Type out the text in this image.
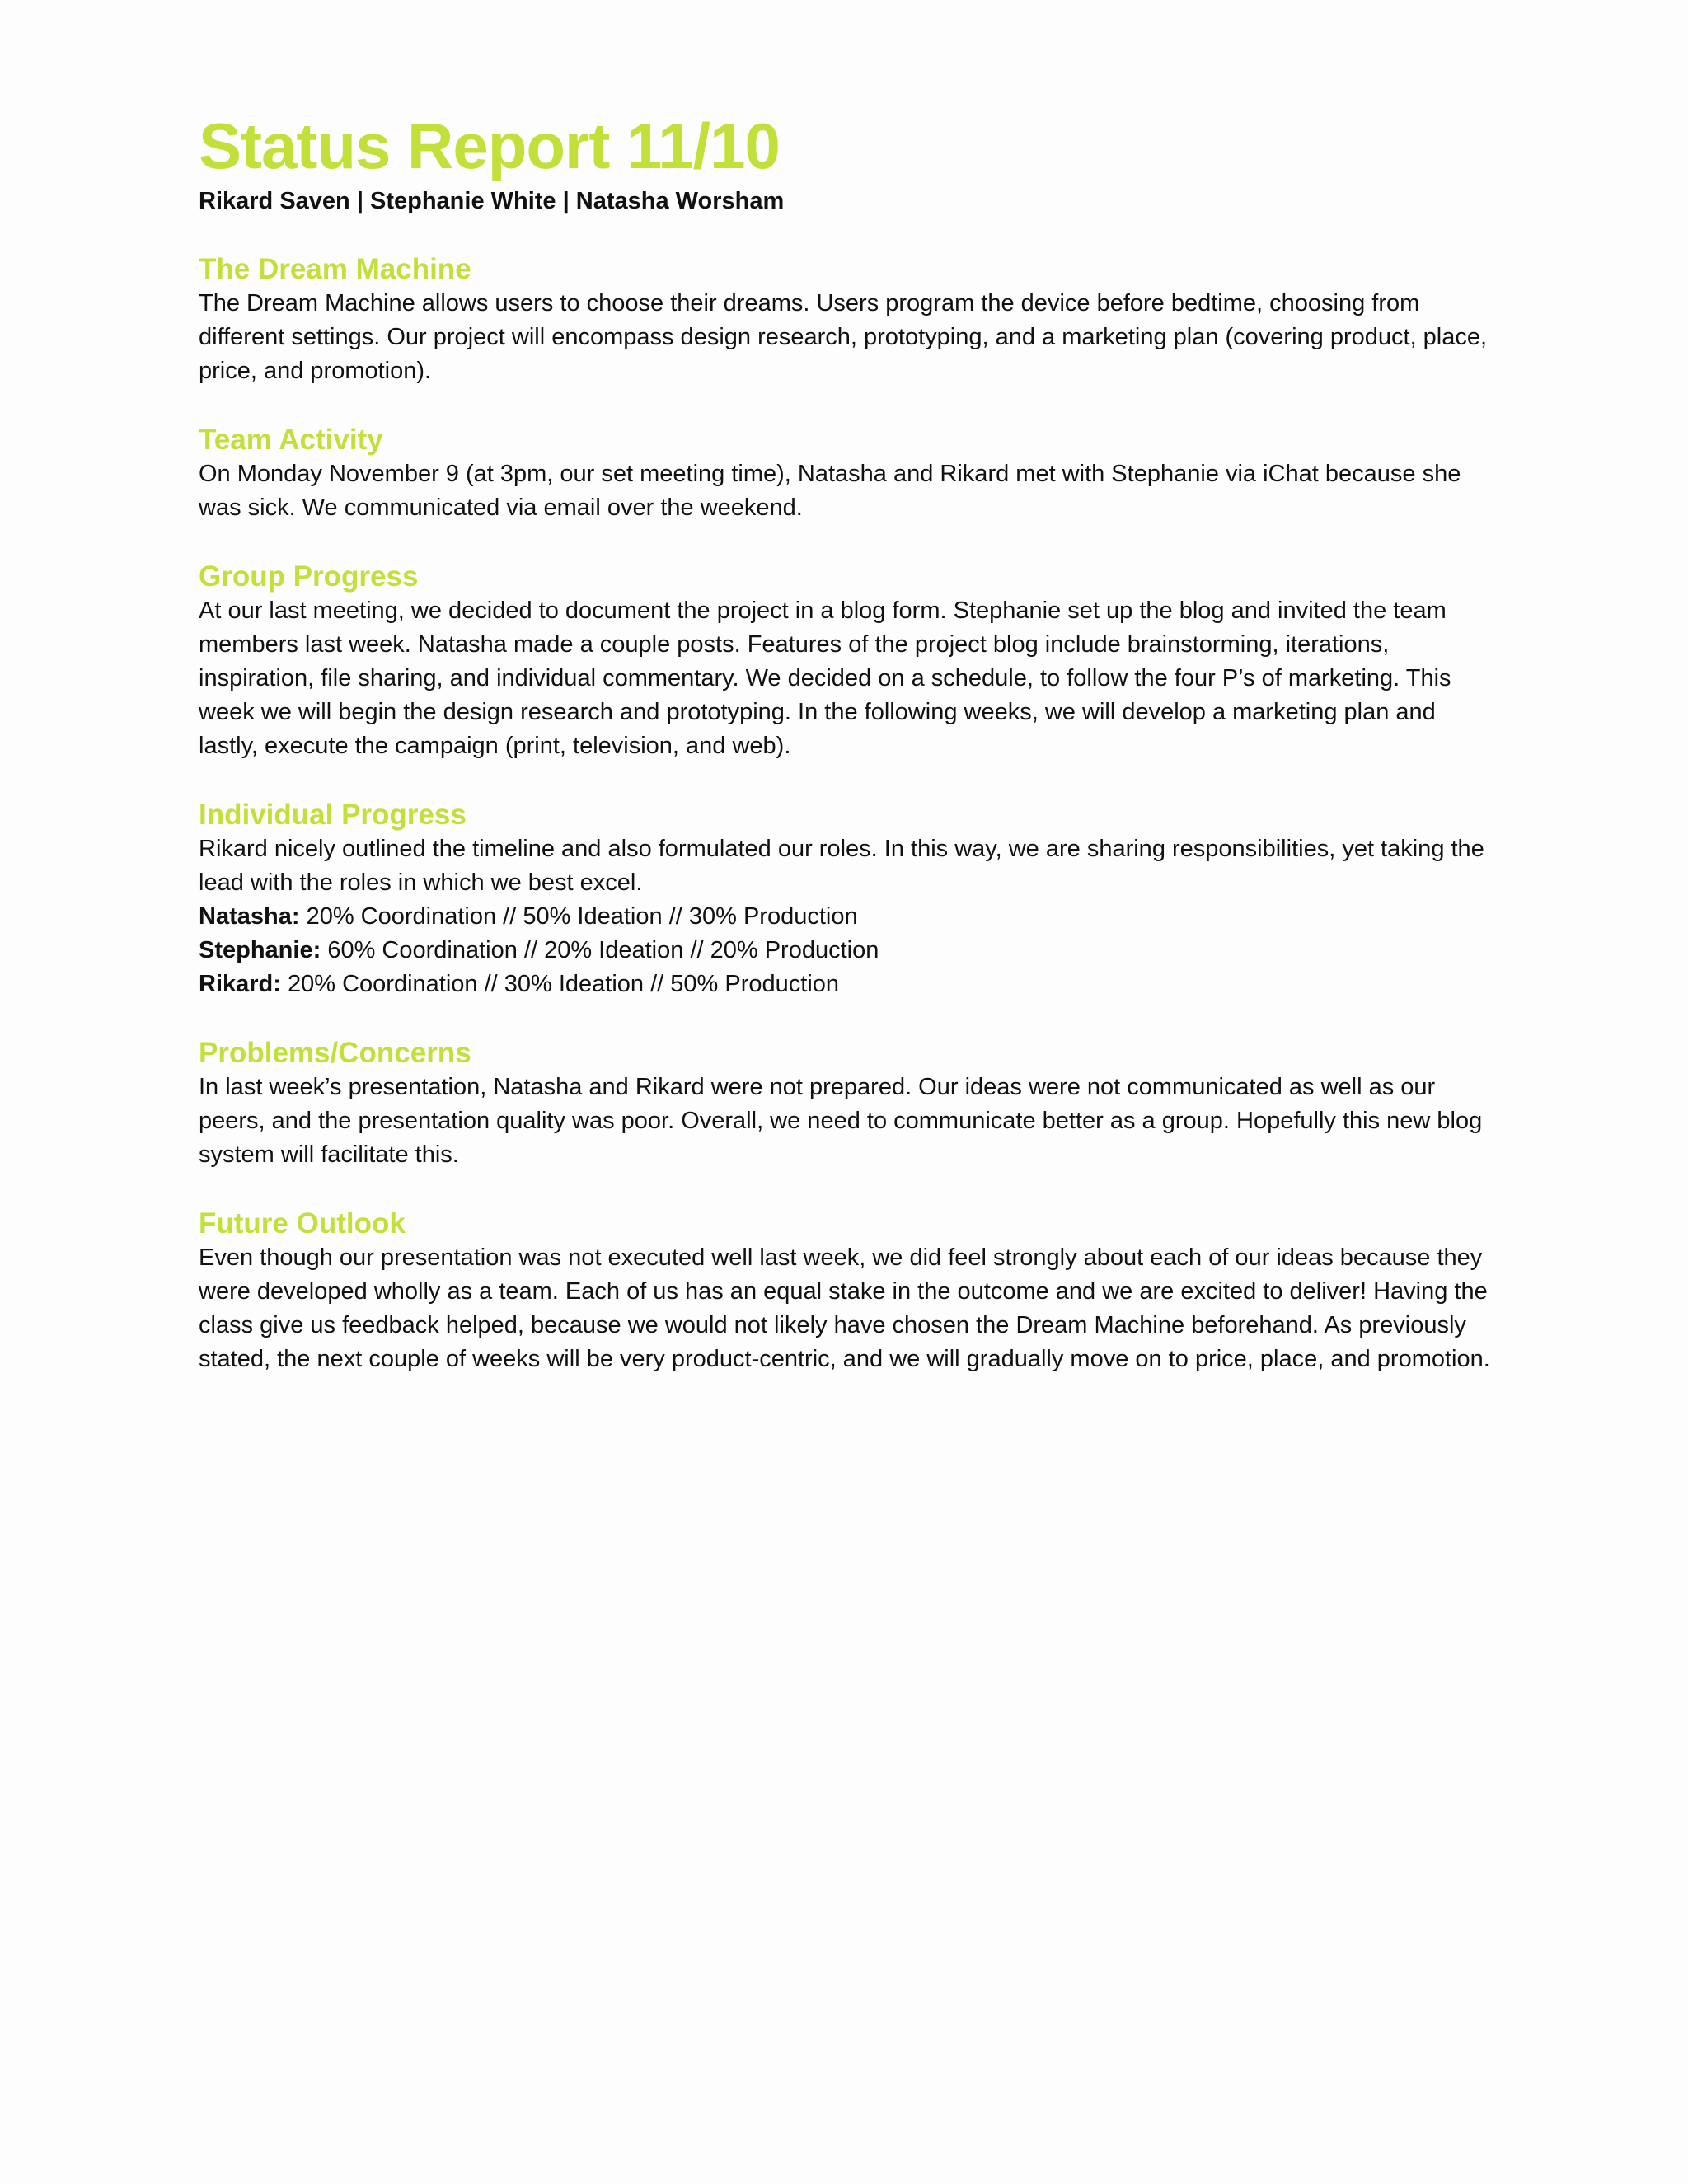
Status Report 11/10

Rikard Saven | Stephanie White | Natasha Worsham

The Dream Machine

The Dream Machine allows users to choose their dreams. Users program the device before bedtime, choosing from different settings. Our project will encompass design research, prototyping, and a marketing plan (covering product, place, price, and promotion).

Team Activity

On Monday November 9 (at 3pm, our set meeting time), Natasha and Rikard met with Stephanie via iChat because she was sick. We communicated via email over the weekend.

Group Progress

At our last meeting, we decided to document the project in a blog form. Stephanie set up the blog and invited the team members last week. Natasha made a couple posts. Features of the project blog include brainstorming, iterations, inspiration, file sharing, and individual commentary. We decided on a schedule, to follow the four P’s of marketing. This week we will begin the design research and prototyping. In the following weeks, we will develop a marketing plan and lastly, execute the campaign (print, television, and web).

Individual Progress

Rikard nicely outlined the timeline and also formulated our roles. In this way, we are sharing responsibilities, yet taking the lead with the roles in which we best excel.

Natasha: 20% Coordination // 50% Ideation // 30% Production
Stephanie: 60% Coordination // 20% Ideation // 20% Production
Rikard: 20% Coordination // 30% Ideation // 50% Production
Problems/Concerns

In last week’s presentation, Natasha and Rikard were not prepared. Our ideas were not communicated as well as our peers, and the presentation quality was poor. Overall, we need to communicate better as a group. Hopefully this new blog system will facilitate this.

Future Outlook

Even though our presentation was not executed well last week, we did feel strongly about each of our ideas because they were developed wholly as a team. Each of us has an equal stake in the outcome and we are excited to deliver! Having the class give us feedback helped, because we would not likely have chosen the Dream Machine beforehand. As previously stated, the next couple of weeks will be very product-centric, and we will gradually move on to price, place, and promotion.
